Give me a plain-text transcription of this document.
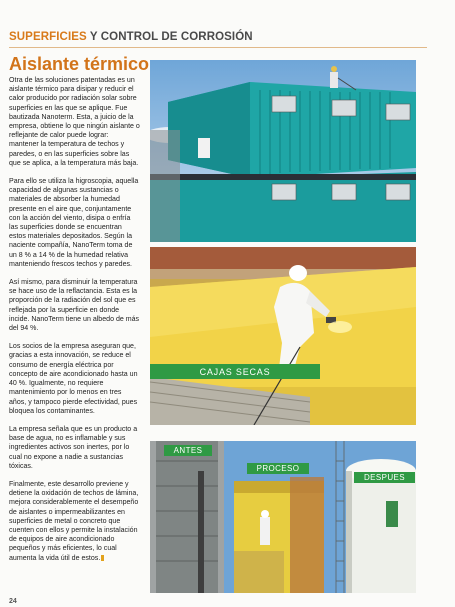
SUPERFICIES Y CONTROL DE CORROSIÓN
Aislante térmico

Otra de las soluciones patentadas es un aislante térmico para disipar y reducir el calor producido por radiación solar sobre superficies en las que se aplique. Fue bautizada Nanoterm. Esta, a juicio de la empresa, obtiene lo que ningún aislante o reflejante de calor puede lograr: mantener la temperatura de techos y paredes, o en las superficies sobre las que se aplica, a la temperatura más baja.

Para ello se utiliza la higroscopia, aquella capacidad de algunas sustancias o materiales de absorber la humedad presente en el aire que, conjuntamente con la acción del viento, disipa o enfría las superficies donde se encuentran estos materiales depositados. Según la naciente compañía, NanoTerm toma de un 8 % a 14 % de la humedad relativa manteniendo frescos techos y paredes.

Así mismo, para disminuir la temperatura se hace uso de la reflactancia. Esta es la proporción de la radiación del sol que es reflejada por la superficie en donde incide. NanoTerm tiene un albedo de más del 94 %.

Los socios de la empresa aseguran que, gracias a esta innovación, se reduce el consumo de energía eléctrica por concepto de aire acondicionado hasta un 40 %. Igualmente, no requiere mantenimiento por lo menos en tres años, y tampoco pierde efectividad, pues bloquea los contaminantes.

La empresa señala que es un producto a base de agua, no es inflamable y sus ingredientes activos son inertes, por lo cual no expone a nadie a sustancias tóxicas.

Finalmente, este desarrollo previene y detiene la oxidación de techos de lámina, mejora considerablemente el desempeño de aislantes o impermeabilizantes en superficies de metal o concreto que cuenten con ellos y permite la instalación de equipos de aire acondicionado pequeños y más eficientes, lo cual aumenta la vida útil de estos.

CAJAS SECAS
ANTES
PROCESO
DESPUES
24
